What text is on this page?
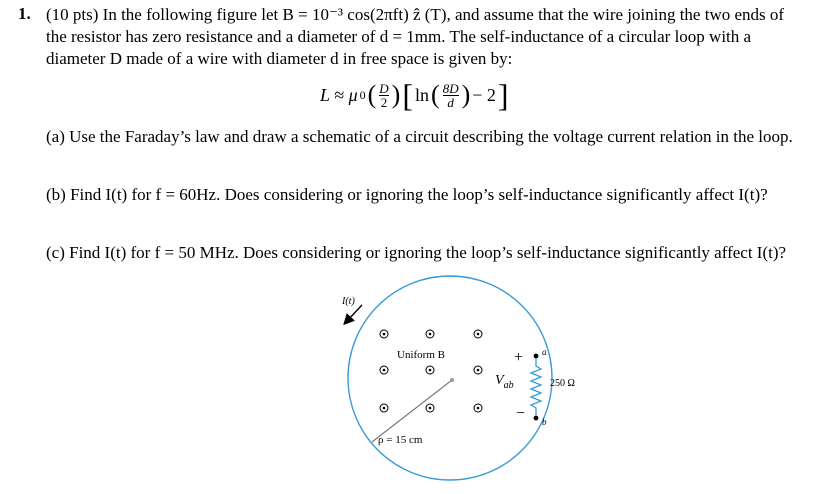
1. (10 pts) In the following figure let B = 10⁻³ cos(2πft) ẑ (T), and assume that the wire joining the two ends of the resistor has zero resistance and a diameter of d = 1mm. The self-inductance of a circular loop with a diameter D made of a wire with diameter d in free space is given by:
L ≈ μ 0 ( $\frac{D}{2}$ ) [ ln ( $\frac{8D}{d}$ ) − 2 ]
(a) Use the Faraday’s law and draw a schematic of a circuit describing the voltage current relation in the loop.
(b) Find I(t) for f = 60Hz. Does considering or ignoring the loop’s self-inductance significantly affect I(t)?
(c) Find I(t) for f = 50 MHz. Does considering or ignoring the loop’s self-inductance significantly affect I(t)?
I(t)
Uniform B
ρ = 15 cm
+
−
$V_{ab}$
a
b
250 Ω
